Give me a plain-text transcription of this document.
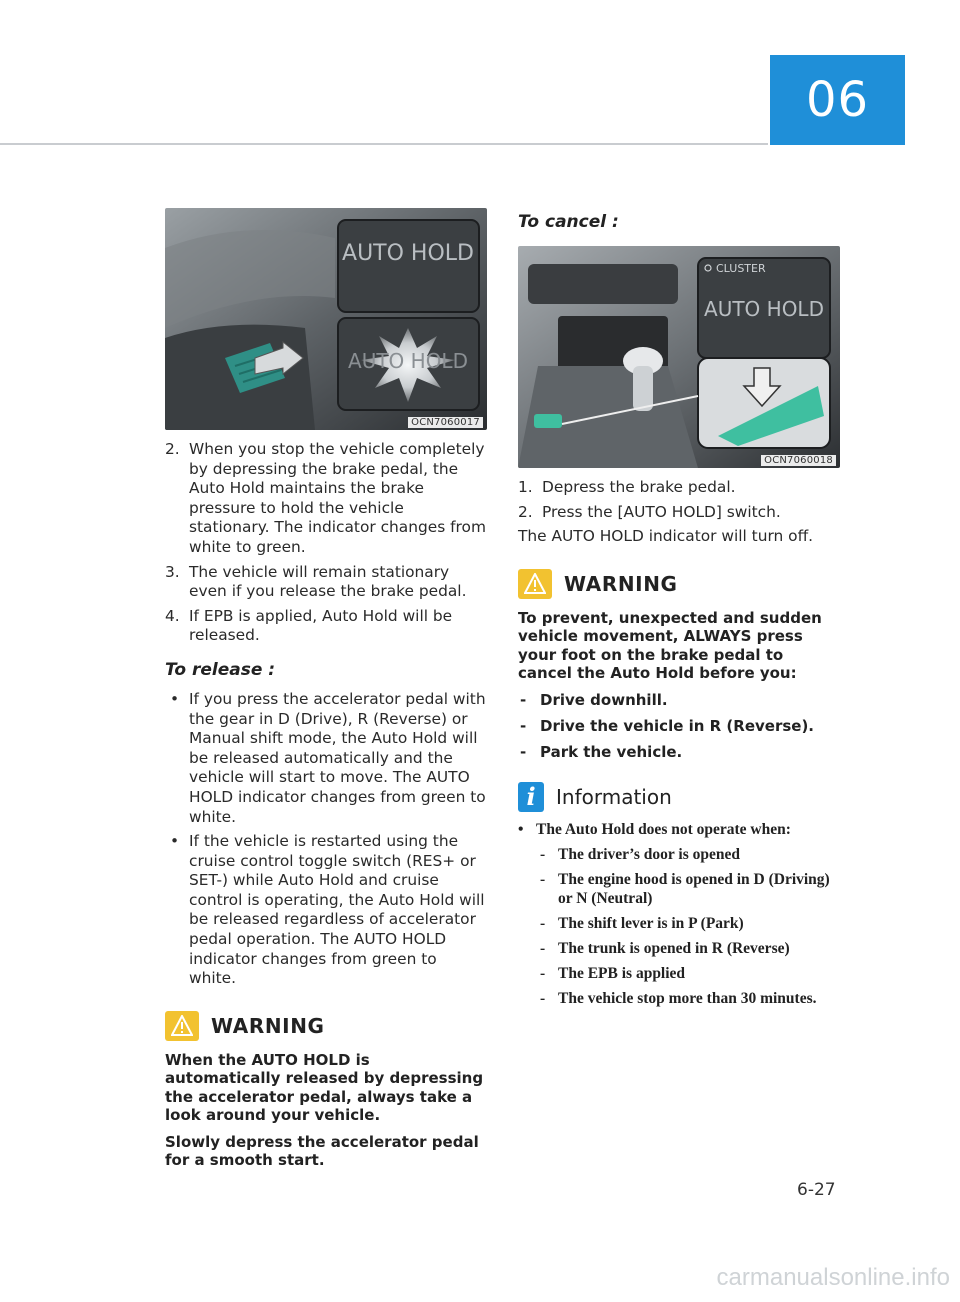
06
AUTO HOLD
AUTO HOLD
OCN7060017
2. When you stop the vehicle completely by depressing the brake pedal, the Auto Hold maintains the brake pressure to hold the vehicle stationary. The indicator changes from white to green.
3. The vehicle will remain stationary even if you release the brake pedal.
4. If EPB is applied, Auto Hold will be released.
To release :
• If you press the accelerator pedal with the gear in D (Drive), R (Reverse) or Manual shift mode, the Auto Hold will be released automatically and the vehicle will start to move. The AUTO HOLD indicator changes from green to white.
• If the vehicle is restarted using the cruise control toggle switch (RES+ or SET-) while Auto Hold and cruise control is operating, the Auto Hold will be released regardless of accelerator pedal operation. The AUTO HOLD indicator changes from green to white.
WARNING

When the AUTO HOLD is automatically released by depressing the accelerator pedal, always take a look around your vehicle.

Slowly depress the accelerator pedal for a smooth start.

To cancel :
CLUSTER
AUTO HOLD
OCN7060018
1. Depress the brake pedal.
2. Press the [AUTO HOLD] switch.

The AUTO HOLD indicator will turn off.

WARNING

To prevent, unexpected and sudden vehicle movement, ALWAYS press your foot on the brake pedal to cancel the Auto Hold before you:

- Drive downhill.
- Drive the vehicle in R (Reverse).
- Park the vehicle.
i	Information
• The Auto Hold does not operate when:
- The driver’s door is opened
- The engine hood is opened in D (Driving) or N (Neutral)
- The shift lever is in P (Park)
- The trunk is opened in R (Reverse)
- The EPB is applied
- The vehicle stop more than 30 minutes.
6-27
carmanualsonline.info
